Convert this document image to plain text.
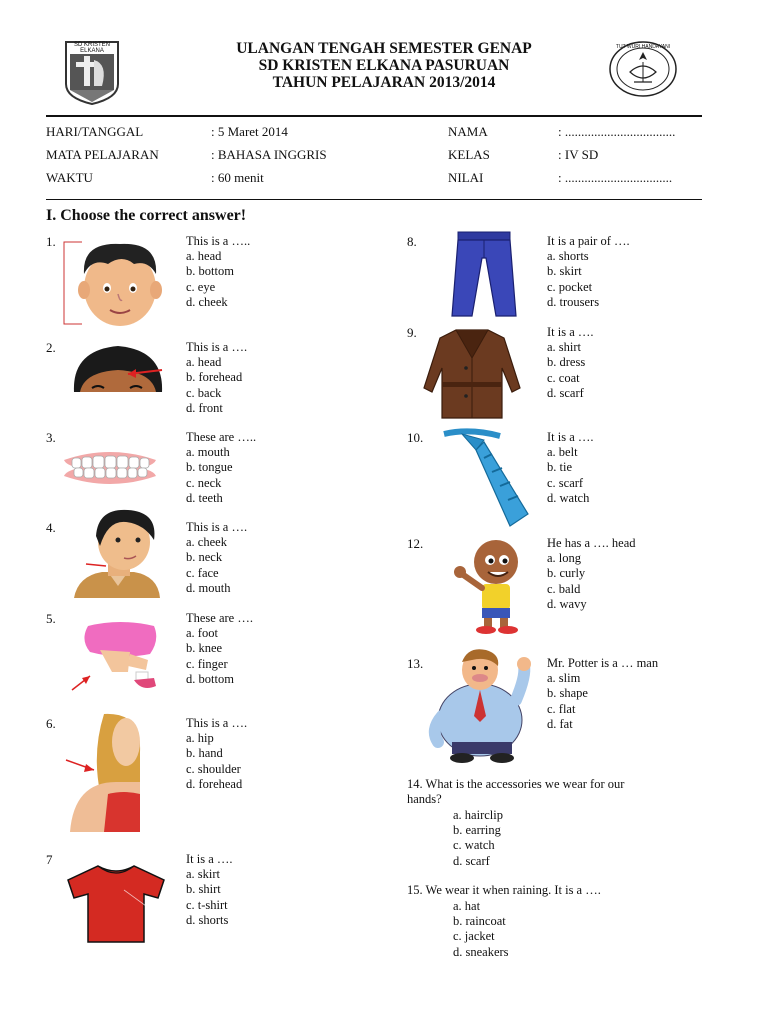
SD KRISTEN ELKANA
TUT WURI HANDAYANI
ULANGAN TENGAH SEMESTER GENAP
SD KRISTEN ELKANA PASURUAN
TAHUN PELAJARAN 2013/2014
HARI/TANGGAL	: 5 Maret 2014
MATA PELAJARAN	: BAHASA INGGRIS
WAKTU	: 60 menit
NAMA	: ..................................
KELAS	: IV SD
NILAI	: .................................
I. Choose the correct answer!
1.	This is a …..
a. head
b. bottom
c. eye
d. cheek
2.	This is a ….
a. head
b. forehead
c. back
d. front
3.	These are …..
a. mouth
b. tongue
c. neck
d. teeth
4.	This is a ….
a. cheek
b. neck
c. face
d. mouth
5.	These are ….
a. foot
b. knee
c. finger
d. bottom
6.	This is a ….
a. hip
b. hand
c. shoulder
d. forehead
7	It is a ….
a. skirt
b. shirt
c. t-shirt
d. shorts
8.	It is a pair of ….
a. shorts
b. skirt
c. pocket
d. trousers
9.	It is a ….
a. shirt
b. dress
c. coat
d. scarf
10.	It is a ….
a. belt
b. tie
c. scarf
d. watch
12.	He has a …. head
a. long
b. curly
c. bald
d. wavy
13.	Mr. Potter is a … man
a. slim
b. shape
c. flat
d. fat
14. What is the accessories we wear for our
hands?
a. hairclip
b. earring
c. watch
d. scarf
15. We wear it when raining. It is a ….
a. hat
b. raincoat
c. jacket
d. sneakers
